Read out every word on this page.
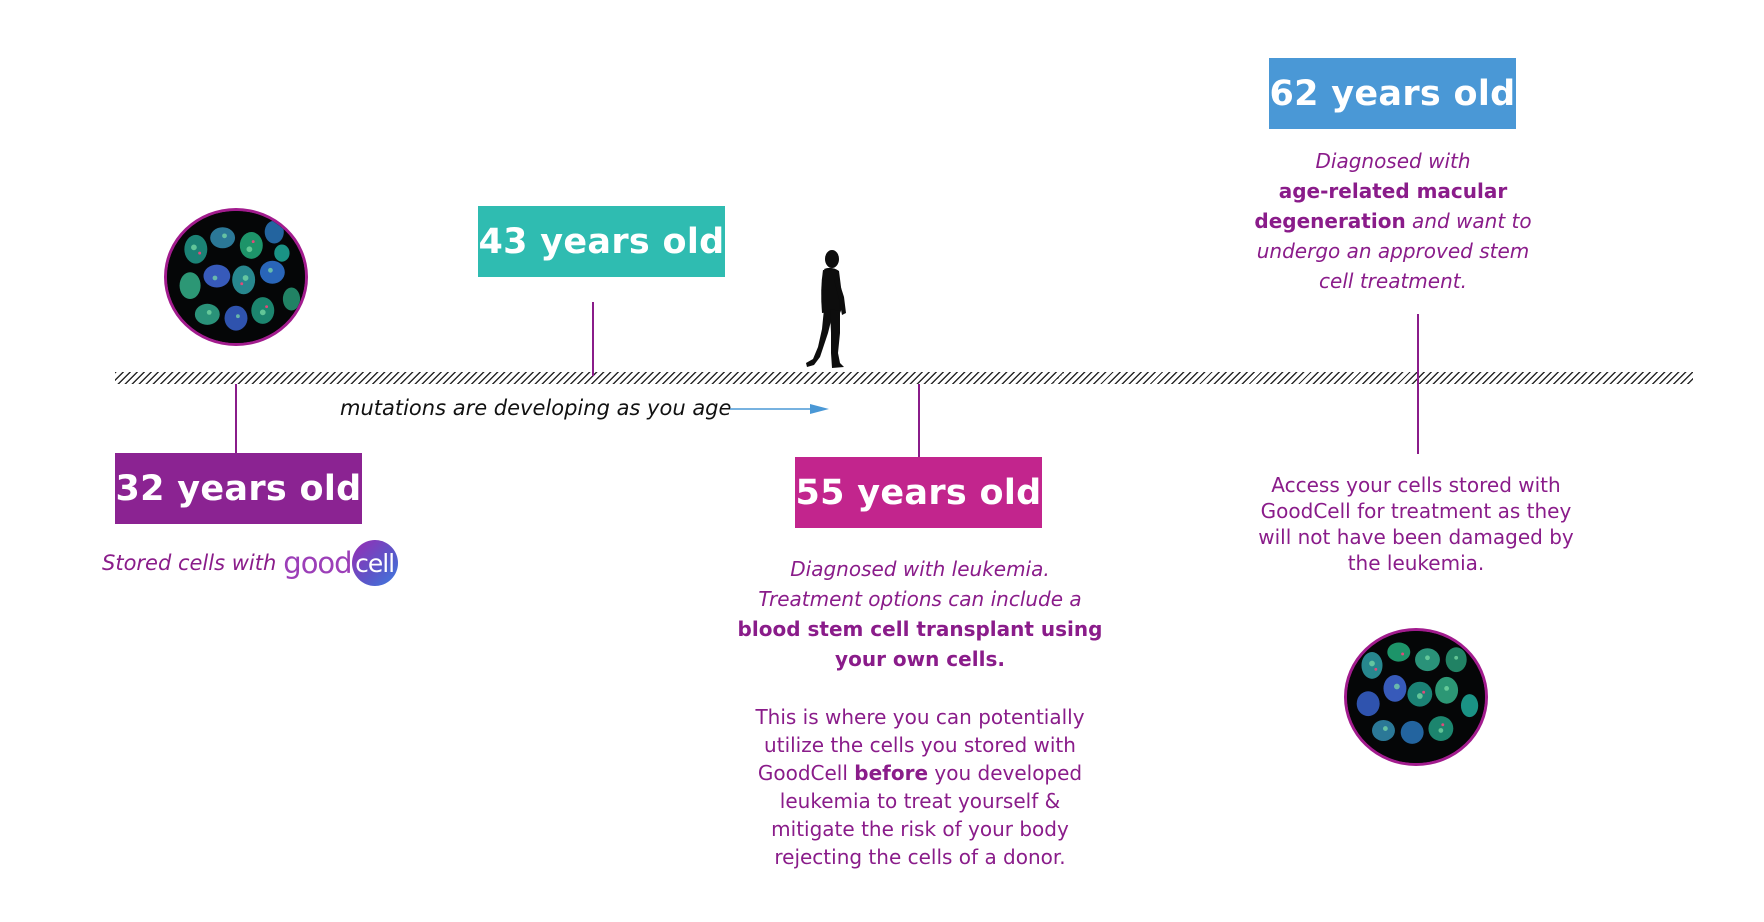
32 years old
Stored cells with good cell
43 years old
mutations are developing as you age
55 years old
Diagnosed with leukemia.
Treatment options can include a
blood stem cell transplant using
your own cells.
This is where you can potentially
utilize the cells you stored with
GoodCell before you developed
leukemia to treat yourself &
mitigate the risk of your body
rejecting the cells of a donor.
62 years old
Diagnosed with
age-related macular
degeneration and want to
undergo an approved stem
cell treatment.
Access your cells stored with
GoodCell for treatment as they
will not have been damaged by
the leukemia.
